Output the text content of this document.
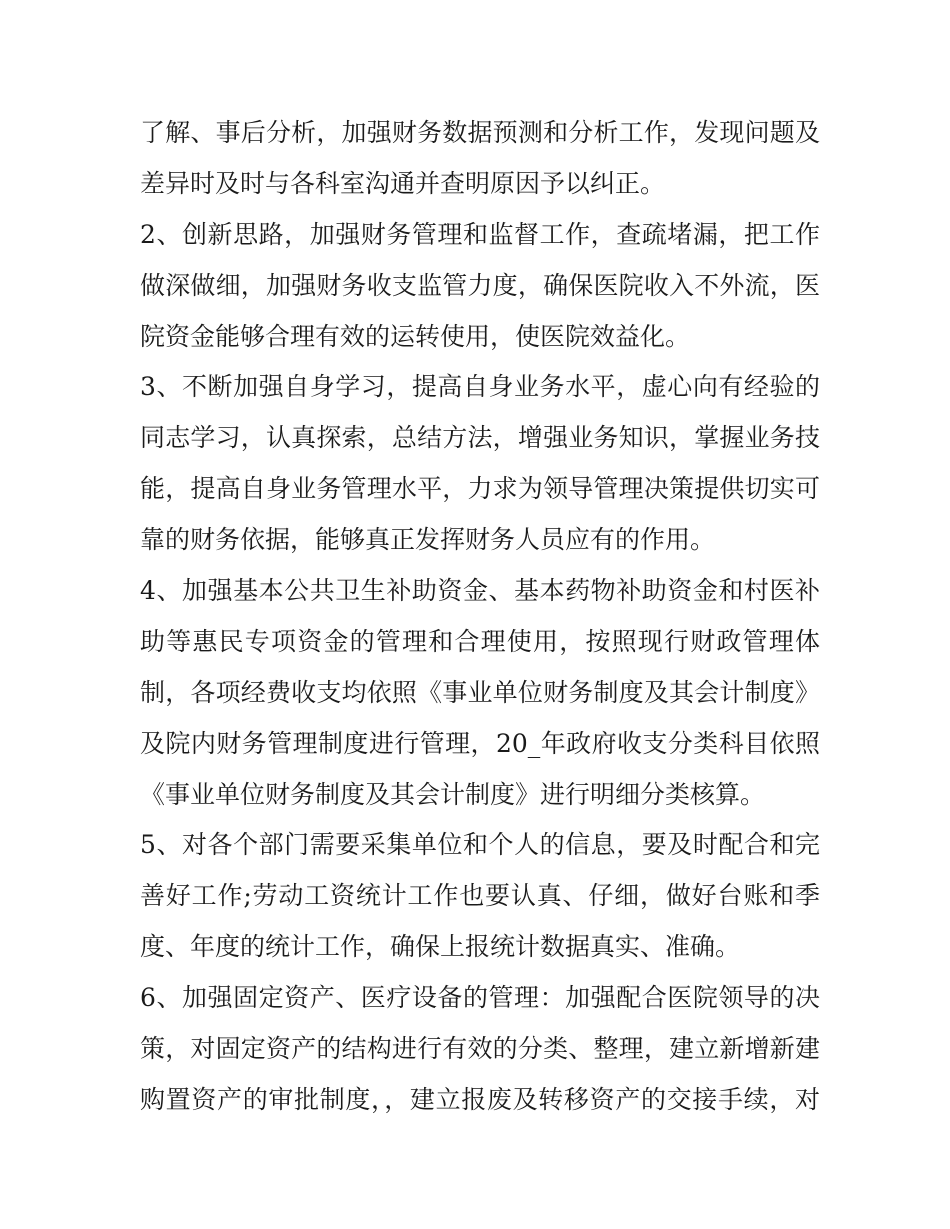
了解、事后分析，加强财务数据预测和分析工作，发现问题及
差异时及时与各科室沟通并查明原因予以纠正。
2、创新思路，加强财务管理和监督工作，查疏堵漏，把工作
做深做细，加强财务收支监管力度，确保医院收入不外流，医
院资金能够合理有效的运转使用，使医院效益化。
3、不断加强自身学习，提高自身业务水平，虚心向有经验的
同志学习，认真探索，总结方法，增强业务知识，掌握业务技
能，提高自身业务管理水平，力求为领导管理决策提供切实可
靠的财务依据，能够真正发挥财务人员应有的作用。
4、加强基本公共卫生补助资金、基本药物补助资金和村医补
助等惠民专项资金的管理和合理使用，按照现行财政管理体
制，各项经费收支均依照《事业单位财务制度及其会计制度》
及院内财务管理制度进行管理，20_年政府收支分类科目依照
《事业单位财务制度及其会计制度》进行明细分类核算。
5、对各个部门需要采集单位和个人的信息，要及时配合和完
善好工作;劳动工资统计工作也要认真、仔细，做好台账和季
度、年度的统计工作，确保上报统计数据真实、准确。
6、加强固定资产、医疗设备的管理：加强配合医院领导的决
策，对固定资产的结构进行有效的分类、整理，建立新增新建
购置资产的审批制度，，建立报废及转移资产的交接手续，对
